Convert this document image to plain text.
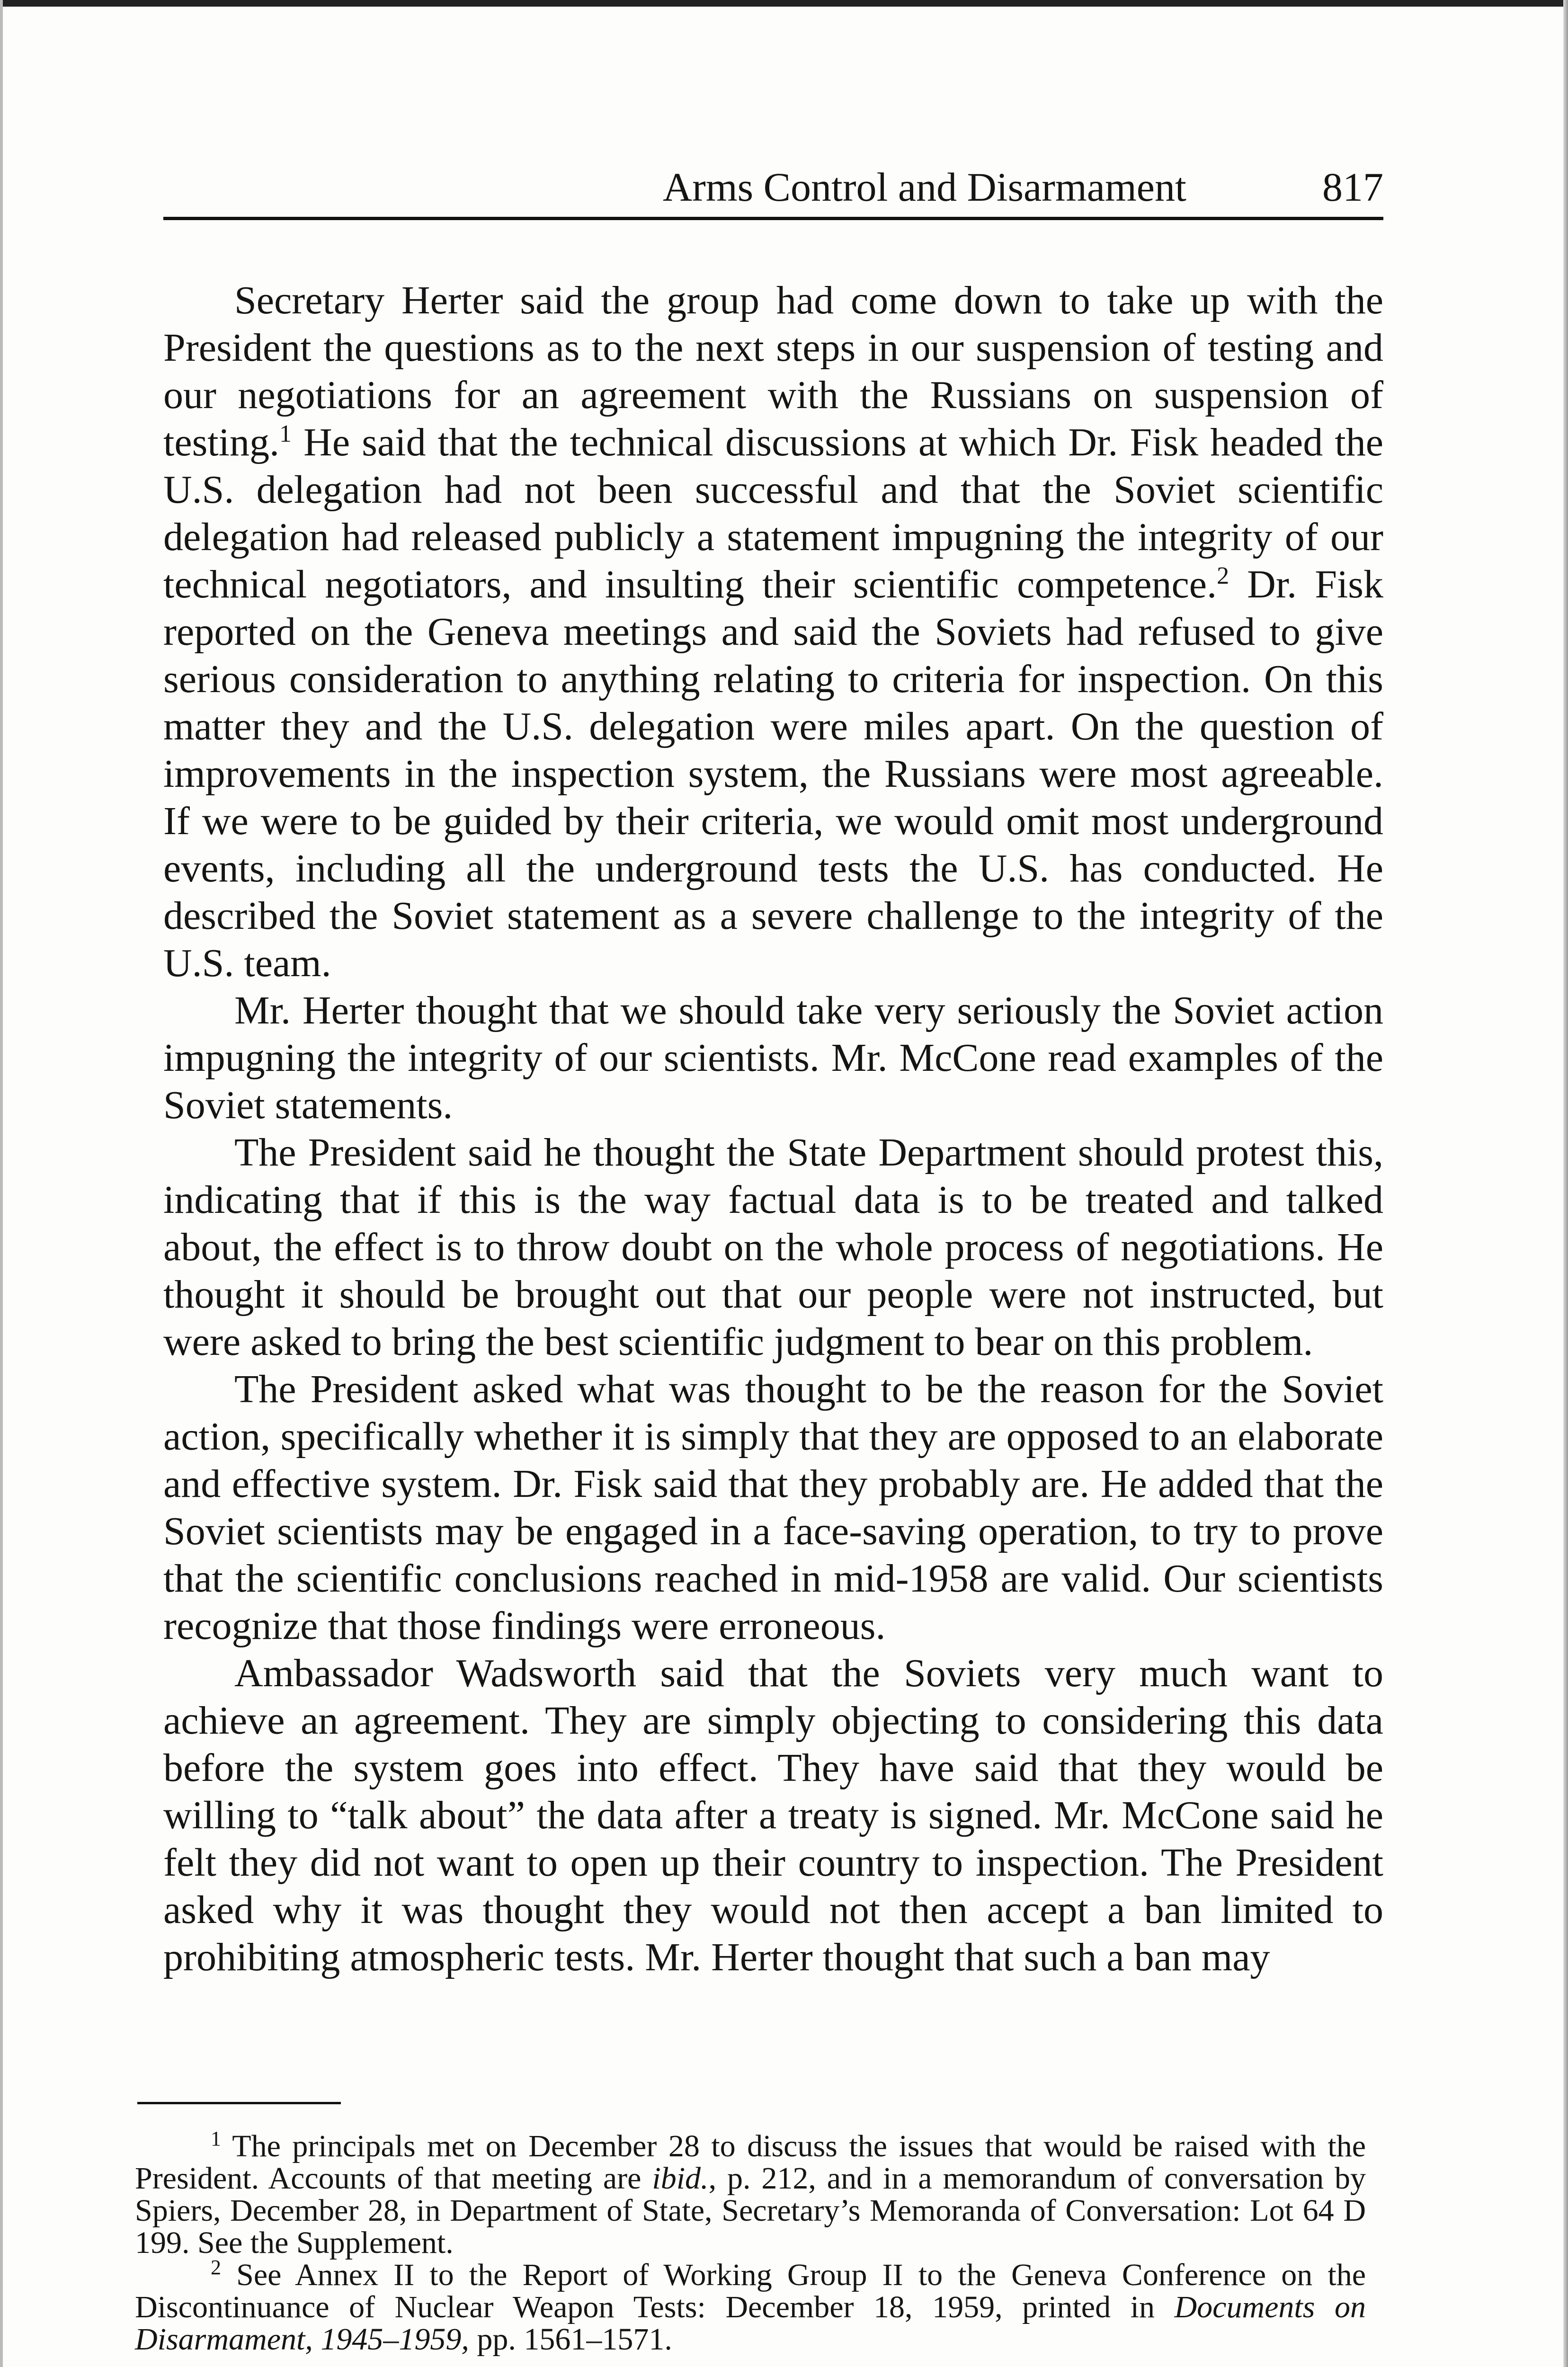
Arms Control and Disarmament	817

Secretary Herter said the group had come down to take up with the President the questions as to the next steps in our suspension of testing and our negotiations for an agreement with the Russians on suspension of testing.$^1$ He said that the technical discussions at which Dr. Fisk headed the U.S. delegation had not been successful and that the Soviet scientific delegation had released publicly a statement impugning the integrity of our technical negotiators, and insulting their scientific competence.$^2$ Dr. Fisk reported on the Geneva meetings and said the Soviets had refused to give serious consideration to anything relating to criteria for inspection. On this matter they and the U.S. delegation were miles apart. On the question of improvements in the inspection system, the Russians were most agreeable. If we were to be guided by their criteria, we would omit most underground events, including all the underground tests the U.S. has conducted. He described the Soviet statement as a severe challenge to the integrity of the U.S. team.

Mr. Herter thought that we should take very seriously the Soviet action impugning the integrity of our scientists. Mr. McCone read examples of the Soviet statements.

The President said he thought the State Department should protest this, indicating that if this is the way factual data is to be treated and talked about, the effect is to throw doubt on the whole process of negotiations. He thought it should be brought out that our people were not instructed, but were asked to bring the best scientific judgment to bear on this problem.

The President asked what was thought to be the reason for the Soviet action, specifically whether it is simply that they are opposed to an elaborate and effective system. Dr. Fisk said that they probably are. He added that the Soviet scientists may be engaged in a face-saving operation, to try to prove that the scientific conclusions reached in mid-1958 are valid. Our scientists recognize that those findings were erroneous.

Ambassador Wadsworth said that the Soviets very much want to achieve an agreement. They are simply objecting to considering this data before the system goes into effect. They have said that they would be willing to “talk about” the data after a treaty is signed. Mr. McCone said he felt they did not want to open up their country to inspection. The President asked why it was thought they would not then accept a ban limited to prohibiting atmospheric tests. Mr. Herter thought that such a ban may

$^1$ The principals met on December 28 to discuss the issues that would be raised with the President. Accounts of that meeting are ibid., p. 212, and in a memorandum of conversation by Spiers, December 28, in Department of State, Secretary’s Memoranda of Conversation: Lot 64 D 199. See the Supplement.

$^2$ See Annex II to the Report of Working Group II to the Geneva Conference on the Discontinuance of Nuclear Weapon Tests: December 18, 1959, printed in Documents on Disarmament, 1945–1959, pp. 1561–1571.
